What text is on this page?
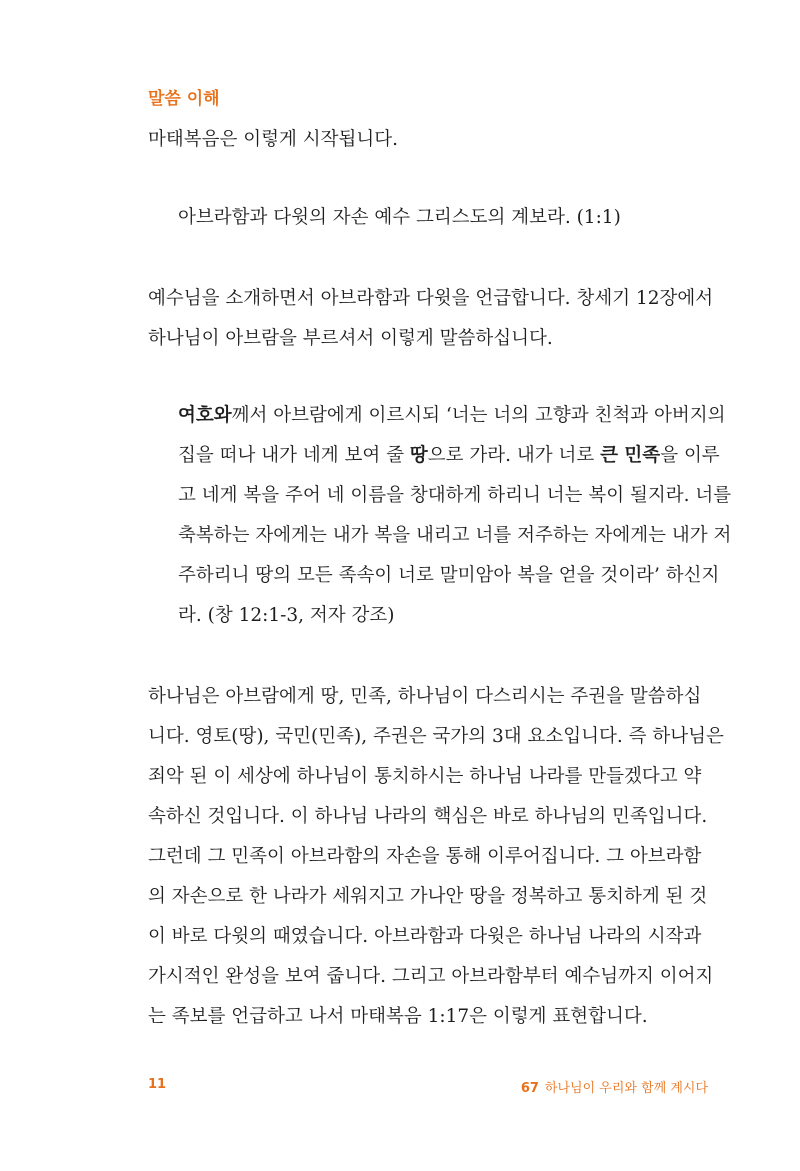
말씀 이해

마태복음은 이렇게 시작됩니다.

아브라함과 다윗의 자손 예수 그리스도의 계보라. (1:1)

예수님을 소개하면서 아브라함과 다윗을 언급합니다. 창세기 12장에서
하나님이 아브람을 부르셔서 이렇게 말씀하십니다.

여호와께서 아브람에게 이르시되 ‘너는 너의 고향과 친척과 아버지의
집을 떠나 내가 네게 보여 줄 땅으로 가라. 내가 너로 큰 민족을 이루
고 네게 복을 주어 네 이름을 창대하게 하리니 너는 복이 될지라. 너를
축복하는 자에게는 내가 복을 내리고 너를 저주하는 자에게는 내가 저
주하리니 땅의 모든 족속이 너로 말미암아 복을 얻을 것이라’ 하신지
라. (창 12:1-3, 저자 강조)

하나님은 아브람에게 땅, 민족, 하나님이 다스리시는 주권을 말씀하십
니다. 영토(땅), 국민(민족), 주권은 국가의 3대 요소입니다. 즉 하나님은
죄악 된 이 세상에 하나님이 통치하시는 하나님 나라를 만들겠다고 약
속하신 것입니다. 이 하나님 나라의 핵심은 바로 하나님의 민족입니다.
그런데 그 민족이 아브라함의 자손을 통해 이루어집니다. 그 아브라함
의 자손으로 한 나라가 세워지고 가나안 땅을 정복하고 통치하게 된 것
이 바로 다윗의 때였습니다. 아브라함과 다윗은 하나님 나라의 시작과
가시적인 완성을 보여 줍니다. 그리고 아브라함부터 예수님까지 이어지
는 족보를 언급하고 나서 마태복음 1:17은 이렇게 표현합니다.

11	67 하나님이 우리와 함께 계시다
